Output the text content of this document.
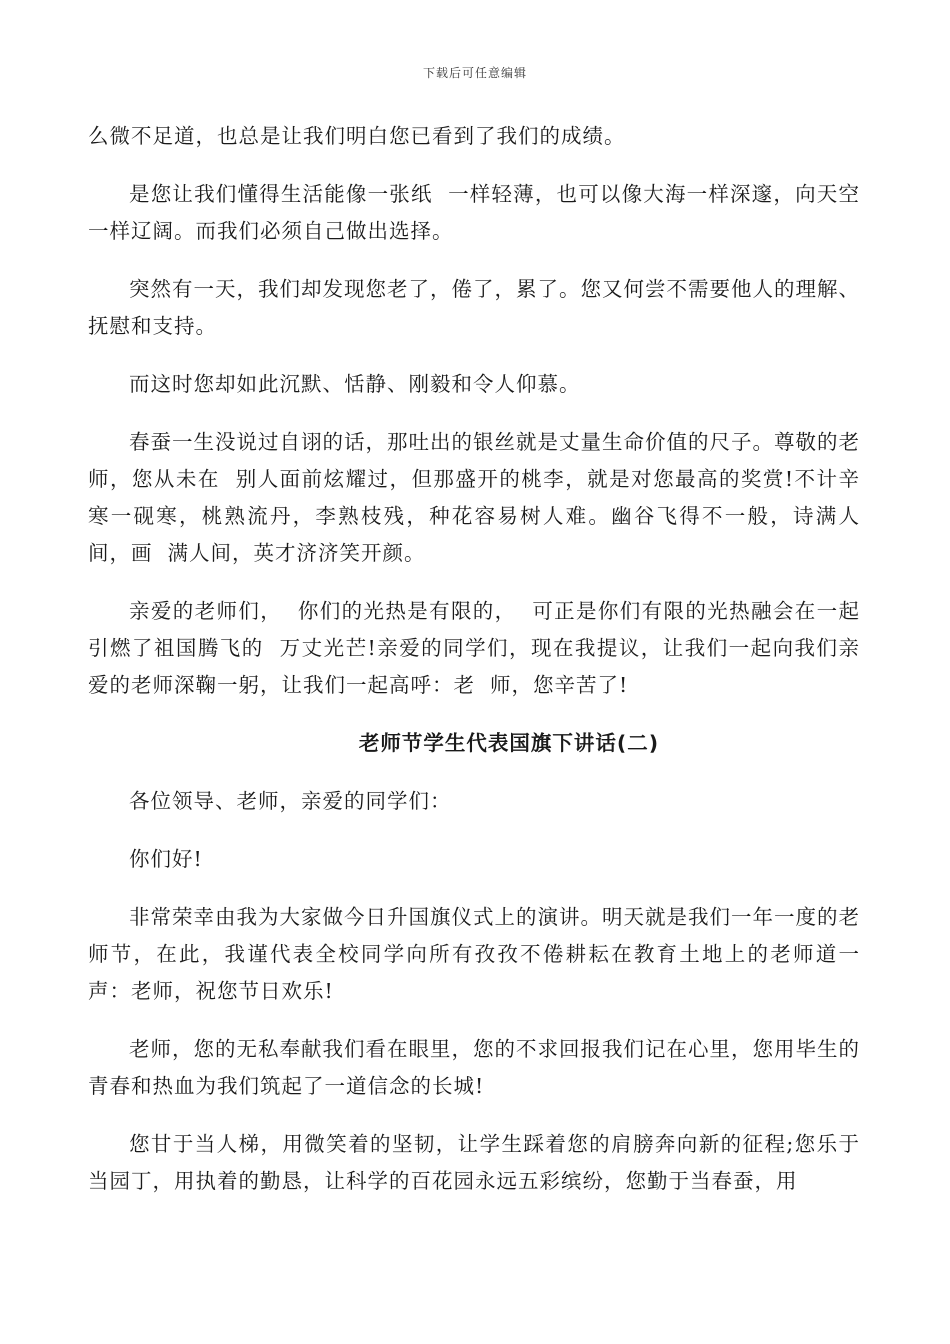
下载后可任意编辑

么微不足道，也总是让我们明白您已看到了我们的成绩。

是您让我们懂得生活能像一张纸  一样轻薄，也可以像大海一样深邃，向天空一样辽阔。而我们必须自己做出选择。

突然有一天，我们却发现您老了，倦了，累了。您又何尝不需要他人的理解、抚慰和支持。

而这时您却如此沉默、恬静、刚毅和令人仰慕。

春蚕一生没说过自诩的话，那吐出的银丝就是丈量生命价值的尺子。尊敬的老师，您从未在  别人面前炫耀过，但那盛开的桃李，就是对您最高的奖赏!不计辛寒一砚寒，桃熟流丹，李熟枝残，种花容易树人难。幽谷飞得不一般，诗满人间，画  满人间，英才济济笑开颜。

亲爱的老师们，  你们的光热是有限的，  可正是你们有限的光热融会在一起引燃了祖国腾飞的  万丈光芒!亲爱的同学们，现在我提议，让我们一起向我们亲爱的老师深鞠一躬，让我们一起高呼：老  师，您辛苦了!

老师节学生代表国旗下讲话(二)

各位领导、老师，亲爱的同学们：

你们好!

非常荣幸由我为大家做今日升国旗仪式上的演讲。明天就是我们一年一度的老师节，在此，我谨代表全校同学向所有孜孜不倦耕耘在教育土地上的老师道一声：老师，祝您节日欢乐!

老师，您的无私奉献我们看在眼里，您的不求回报我们记在心里，您用毕生的青春和热血为我们筑起了一道信念的长城!

您甘于当人梯，用微笑着的坚韧，让学生踩着您的肩膀奔向新的征程;您乐于当园丁，用执着的勤恳，让科学的百花园永远五彩缤纷，您勤于当春蚕，用
